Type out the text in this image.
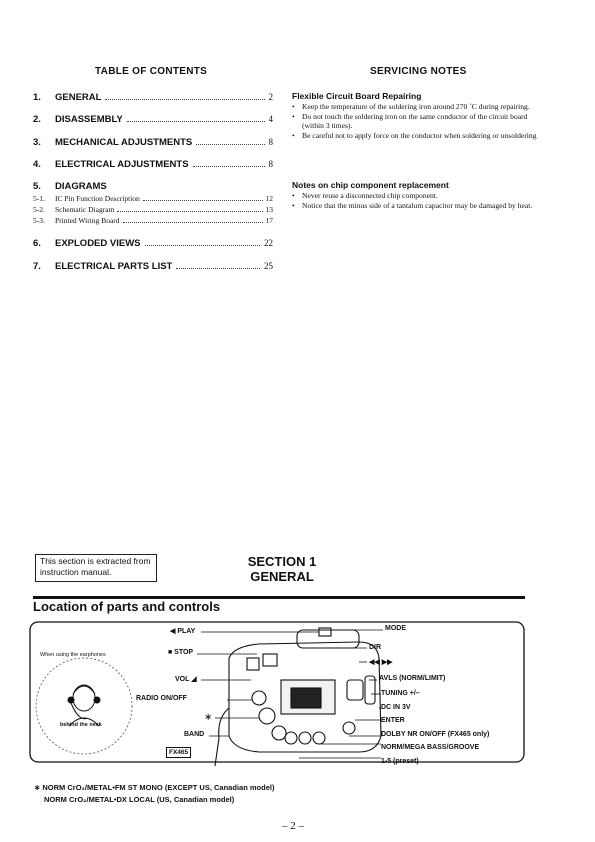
TABLE OF CONTENTS
1.	GENERAL	2
2.	DISASSEMBLY	4
3.	MECHANICAL ADJUSTMENTS	8
4.	ELECTRICAL ADJUSTMENTS	8
5.	DIAGRAMS
5-1.	IC Pin Function Description	12
5-2.	Schematic Diagram	13
5-3.	Printed Wiring Board	17
6.	EXPLODED VIEWS	22
7.	ELECTRICAL PARTS LIST	25
SERVICING NOTES
Flexible Circuit Board Repairing
• Keep the temperature of the soldering iron around 270 ˚C during repairing.
• Do not touch the soldering iron on the same conductor of the circuit board (within 3 times).
• Be careful not to apply force on the conductor when soldering or unsoldering
Notes on chip component replacement
• Never reuse a disconnected chip component.
• Notice that the minus side of a tantalum capacitor may be damaged by heat.
This section is extracted from instruction manual.
SECTION 1
GENERAL
Location of parts and controls
When using the earphones
behind the neck
◀ PLAY
■ STOP
VOL ◢
RADIO ON/OFF
∗
BAND
FX465
MODE
DIR
◀◀ ▶▶
AVLS (NORM/LIMIT)
TUNING +/–
DC IN 3V
ENTER
DOLBY NR ON/OFF (FX465 only)
NORM/MEGA BASS/GROOVE
1-5 (preset)
∗ NORM CrO₂/METAL•FM ST MONO (EXCEPT US, Canadian model)
NORM CrO₂/METAL•DX LOCAL (US, Canadian model)
– 2 –
